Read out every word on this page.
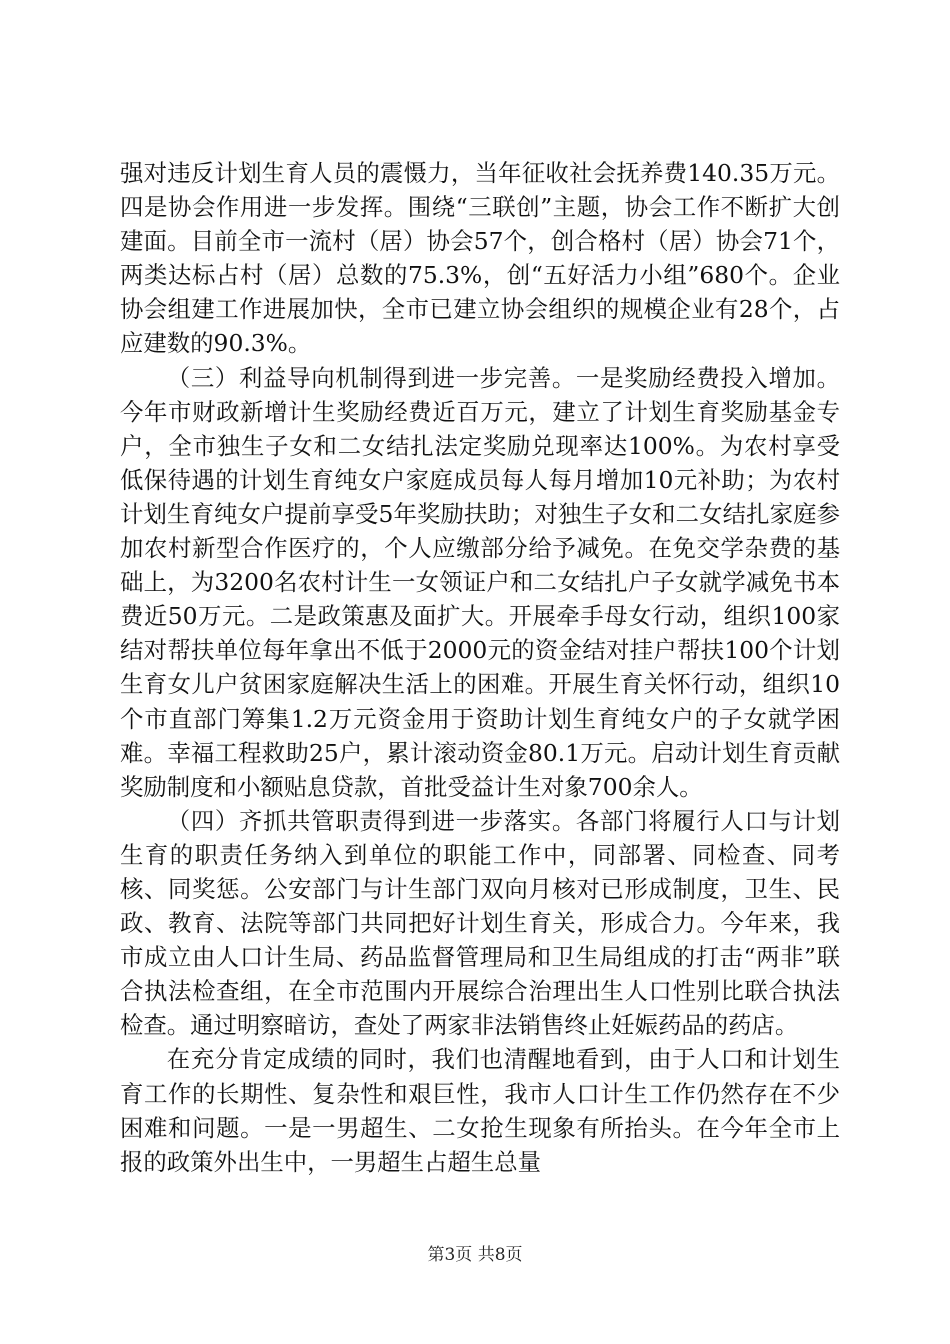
强对违反计划生育人员的震慑力，当年征收社会抚养费140.35万元。四是协会作用进一步发挥。围绕“三联创”主题，协会工作不断扩大创建面。目前全市一流村（居）协会57个，创合格村（居）协会71个，两类达标占村（居）总数的75.3%，创“五好活力小组”680个。企业协会组建工作进展加快，全市已建立协会组织的规模企业有28个，占应建数的90.3%。

（三）利益导向机制得到进一步完善。一是奖励经费投入增加。今年市财政新增计生奖励经费近百万元，建立了计划生育奖励基金专户，全市独生子女和二女结扎法定奖励兑现率达100%。为农村享受低保待遇的计划生育纯女户家庭成员每人每月增加10元补助；为农村计划生育纯女户提前享受5年奖励扶助；对独生子女和二女结扎家庭参加农村新型合作医疗的，个人应缴部分给予减免。在免交学杂费的基础上，为3200名农村计生一女领证户和二女结扎户子女就学减免书本费近50万元。二是政策惠及面扩大。开展牵手母女行动，组织100家结对帮扶单位每年拿出不低于2000元的资金结对挂户帮扶100个计划生育女儿户贫困家庭解决生活上的困难。开展生育关怀行动，组织10个市直部门筹集1.2万元资金用于资助计划生育纯女户的子女就学困难。幸福工程救助25户，累计滚动资金80.1万元。启动计划生育贡献奖励制度和小额贴息贷款，首批受益计生对象700余人。

（四）齐抓共管职责得到进一步落实。各部门将履行人口与计划生育的职责任务纳入到单位的职能工作中，同部署、同检查、同考核、同奖惩。公安部门与计生部门双向月核对已形成制度，卫生、民政、教育、法院等部门共同把好计划生育关，形成合力。今年来，我市成立由人口计生局、药品监督管理局和卫生局组成的打击“两非”联合执法检查组，在全市范围内开展综合治理出生人口性别比联合执法检查。通过明察暗访，查处了两家非法销售终止妊娠药品的药店。

在充分肯定成绩的同时，我们也清醒地看到，由于人口和计划生育工作的长期性、复杂性和艰巨性，我市人口计生工作仍然存在不少困难和问题。一是一男超生、二女抢生现象有所抬头。在今年全市上报的政策外出生中，一男超生占超生总量

第3页 共8页
